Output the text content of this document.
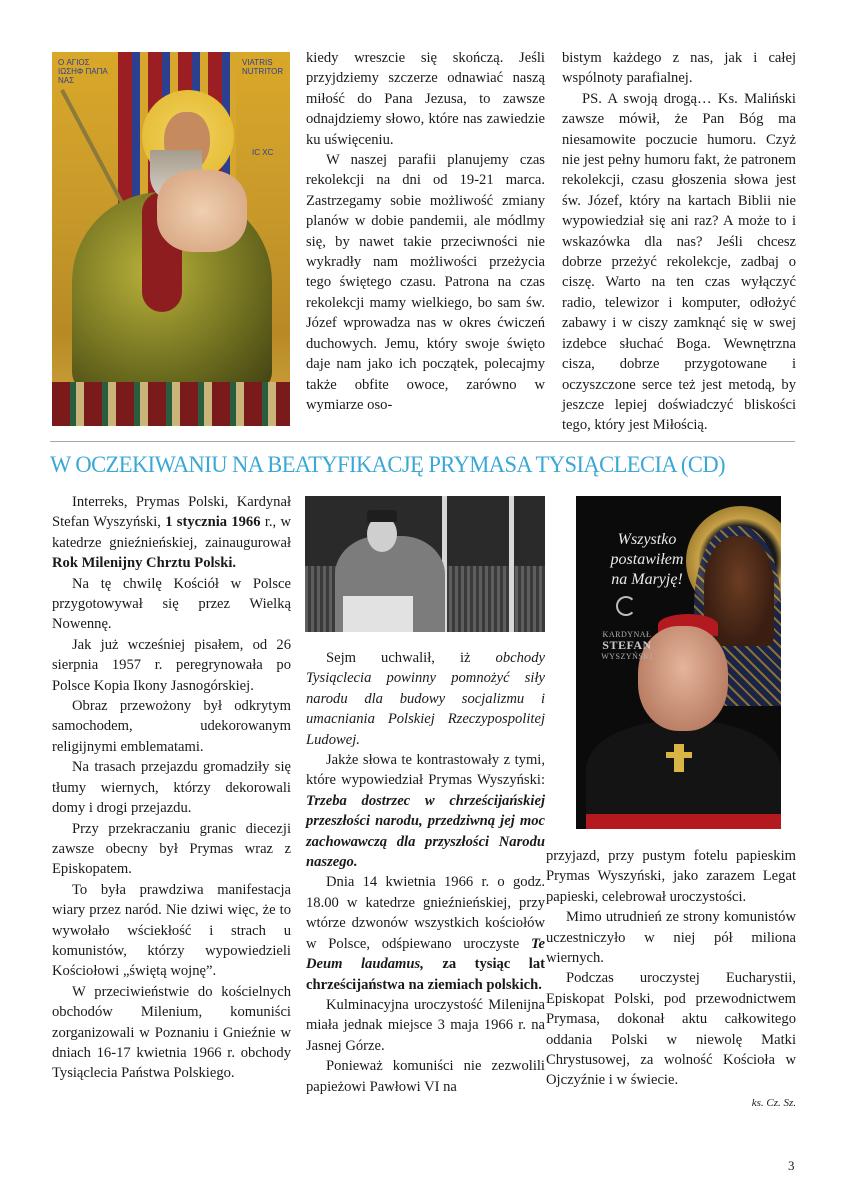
O ΑΓΙΟΣ ΙΩΣΗΦ ΠΑΠΑ ΝΑΣ
VIATRIS NUTRITOR
IC XC

kiedy wreszcie się skończą. Jeśli przyjdziemy szczerze odnawiać naszą miłość do Pana Jezusa, to zawsze odnajdziemy słowo, które nas zawiedzie ku uświęceniu.

W naszej parafii planujemy czas rekolekcji na dni od 19-21 marca. Zastrzegamy sobie możliwość zmiany planów w dobie pandemii, ale módlmy się, by nawet takie przeciwności nie wykradły nam możliwości przeżycia tego świętego czasu. Patrona na czas rekolekcji mamy wielkiego, bo sam św. Józef wprowadza nas w okres ćwiczeń duchowych. Jemu, który swoje święto daje nam jako ich początek, polecajmy także obfite owoce, zarówno w wymiarze oso-

bistym każdego z nas, jak i całej wspólnoty parafialnej.

PS. A swoją drogą… Ks. Maliński zawsze mówił, że Pan Bóg ma niesamowite poczucie humoru. Czyż nie jest pełny humoru fakt, że patronem rekolekcji, czasu głoszenia słowa jest św. Józef, który na kartach Biblii nie wypowiedział się ani raz? A może to i wskazówka dla nas? Jeśli chcesz dobrze przeżyć rekolekcje, zadbaj o ciszę. Warto na ten czas wyłączyć radio, telewizor i komputer, odłożyć zabawy i w ciszy zamknąć się w swej izdebce słuchać Boga. Wewnętrzna cisza, dobrze przygotowane i oczyszczone serce też jest metodą, by jeszcze lepiej doświadczyć bliskości tego, który jest Miłością.

W OCZEKIWANIU NA BEATYFIKACJĘ PRYMASA TYSIĄCLECIA (CD)

Interreks, Prymas Polski, Kardynał Stefan Wyszyński, 1 stycznia 1966 r., w katedrze gnieźnieńskiej, zainaugurował Rok Milenijny Chrztu Polski.

Na tę chwilę Kościół w Polsce przygotowywał się przez Wielką Nowennę.

Jak już wcześniej pisałem, od 26 sierpnia 1957 r. peregrynowała po Polsce Kopia Ikony Jasnogórskiej.

Obraz przewożony był odkrytym samochodem, udekorowanym religijnymi emblematami.

Na trasach przejazdu gromadziły się tłumy wiernych, którzy dekorowali domy i drogi przejazdu.

Przy przekraczaniu granic diecezji zawsze obecny był Prymas wraz z Episkopatem.

To była prawdziwa manifestacja wiary przez naród. Nie dziwi więc, że to wywołało wściekłość i strach u komunistów, którzy wypowiedzieli Kościołowi „świętą wojnę”.

W przeciwieństwie do kościelnych obchodów Milenium, komuniści zorganizowali w Poznaniu i Gnieźnie w dniach 16-17 kwietnia 1966 r. obchody Tysiąclecia Państwa Polskiego.

Sejm uchwalił, iż obchody Tysiąclecia powinny pomnożyć siły narodu dla budowy socjalizmu i umacniania Polskiej Rzeczypospolitej Ludowej.

Jakże słowa te kontrastowały z tymi, które wypowiedział Prymas Wyszyński: Trzeba dostrzec w chrześcijańskiej przeszłości narodu, przedziwną jej moc zachowawczą dla przyszłości Narodu naszego.

Dnia 14 kwietnia 1966 r. o godz. 18.00 w katedrze gnieźnieńskiej, przy wtórze dzwonów wszystkich kościołów w Polsce, odśpiewano uroczyste Te Deum laudamus, za tysiąc lat chrześcijaństwa na ziemiach polskich.

Kulminacyjna uroczystość Milenijna miała jednak miejsce 3 maja 1966 r. na Jasnej Górze.

Ponieważ komuniści nie zezwolili papieżowi Pawłowi VI na

Wszystko
postawiłem
na Maryję!
KARDYNAŁ
STEFAN
WYSZYŃSKI

przyjazd, przy pustym fotelu papieskim Prymas Wyszyński, jako zarazem Legat papieski, celebrował uroczystości.

Mimo utrudnień ze strony komunistów uczestniczyło w niej pół miliona wiernych.

Podczas uroczystej Eucharystii, Episkopat Polski, pod przewodnictwem Prymasa, dokonał aktu całkowitego oddania Polski w niewolę Matki Chrystusowej, za wolność Kościoła w Ojczyźnie i w świecie.

ks. Cz. Sz.
3
